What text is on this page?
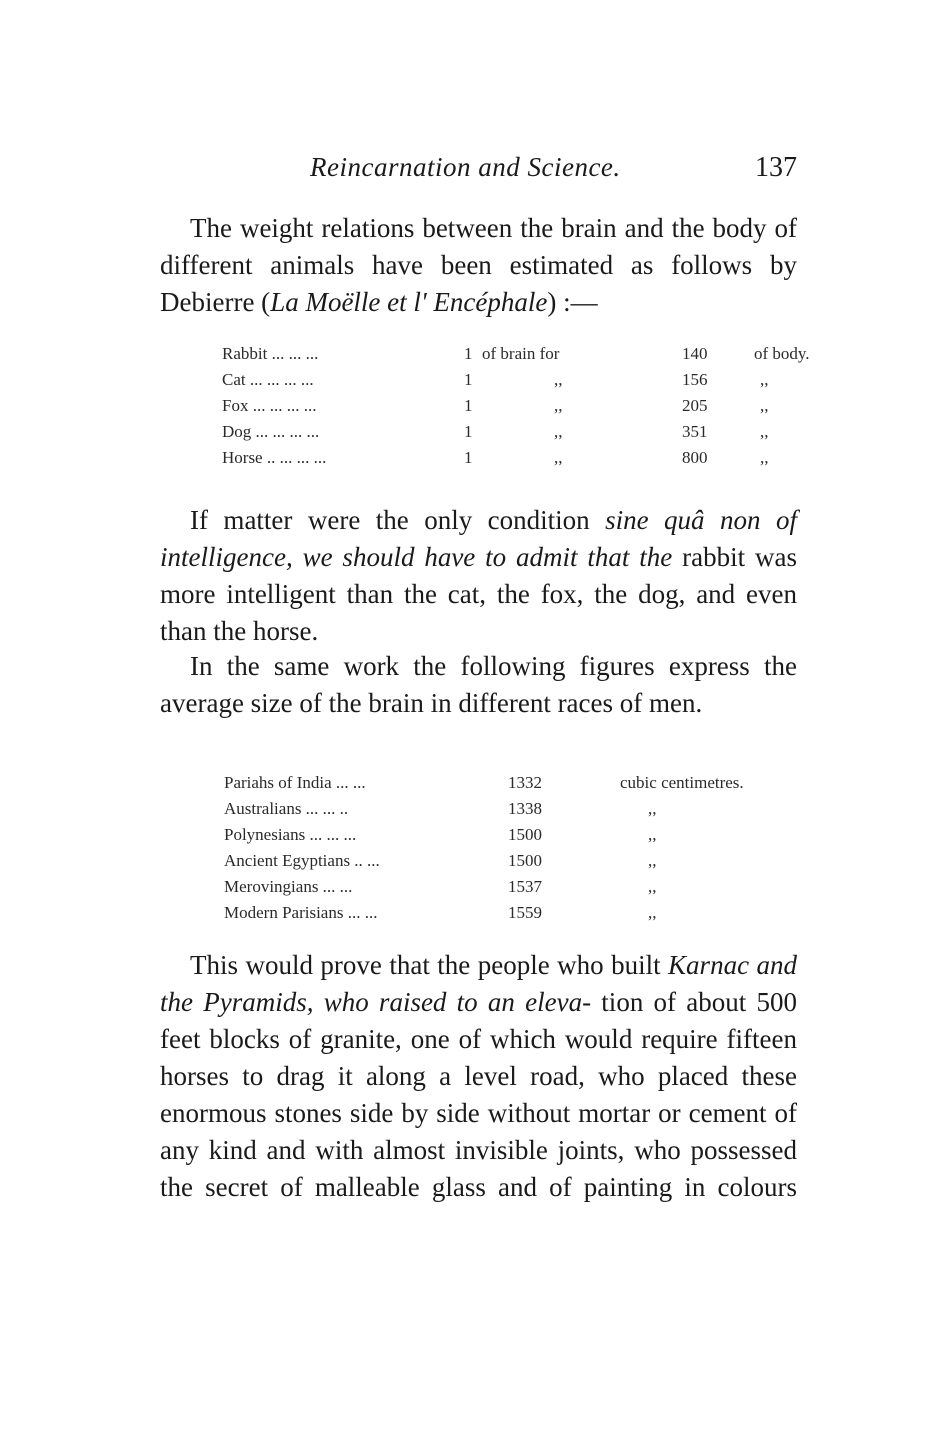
Reincarnation and Science.	137

The weight relations between the brain and the body of different animals have been estimated as follows by Debierre (La Moëlle et l' Encéphale) :—

Rabbit ... ... ...	1	of brain for	140	of body.
Cat ... ... ... ...	1	,,	156	,,
Fox ... ... ... ...	1	,,	205	,,
Dog ... ... ... ...	1	,,	351	,,
Horse .. ... ... ...	1	,,	800	,,

If matter were the only condition sine quâ non of intelligence, we should have to admit that the rabbit was more intelligent than the cat, the fox, the dog, and even than the horse.

In the same work the following figures express the average size of the brain in different races of men.

Pariahs of India ... ...	1332	cubic centimetres.
Australians ... ... ..	1338	,,
Polynesians ... ... ...	1500	,,
Ancient Egyptians .. ...	1500	,,
Merovingians ... ...	1537	,,
Modern Parisians ... ...	1559	,,

This would prove that the people who built Karnac and the Pyramids, who raised to an eleva- tion of about 500 feet blocks of granite, one of which would require fifteen horses to drag it along a level road, who placed these enormous stones side by side without mortar or cement of any kind and with almost invisible joints, who possessed the secret of malleable glass and of painting in colours
